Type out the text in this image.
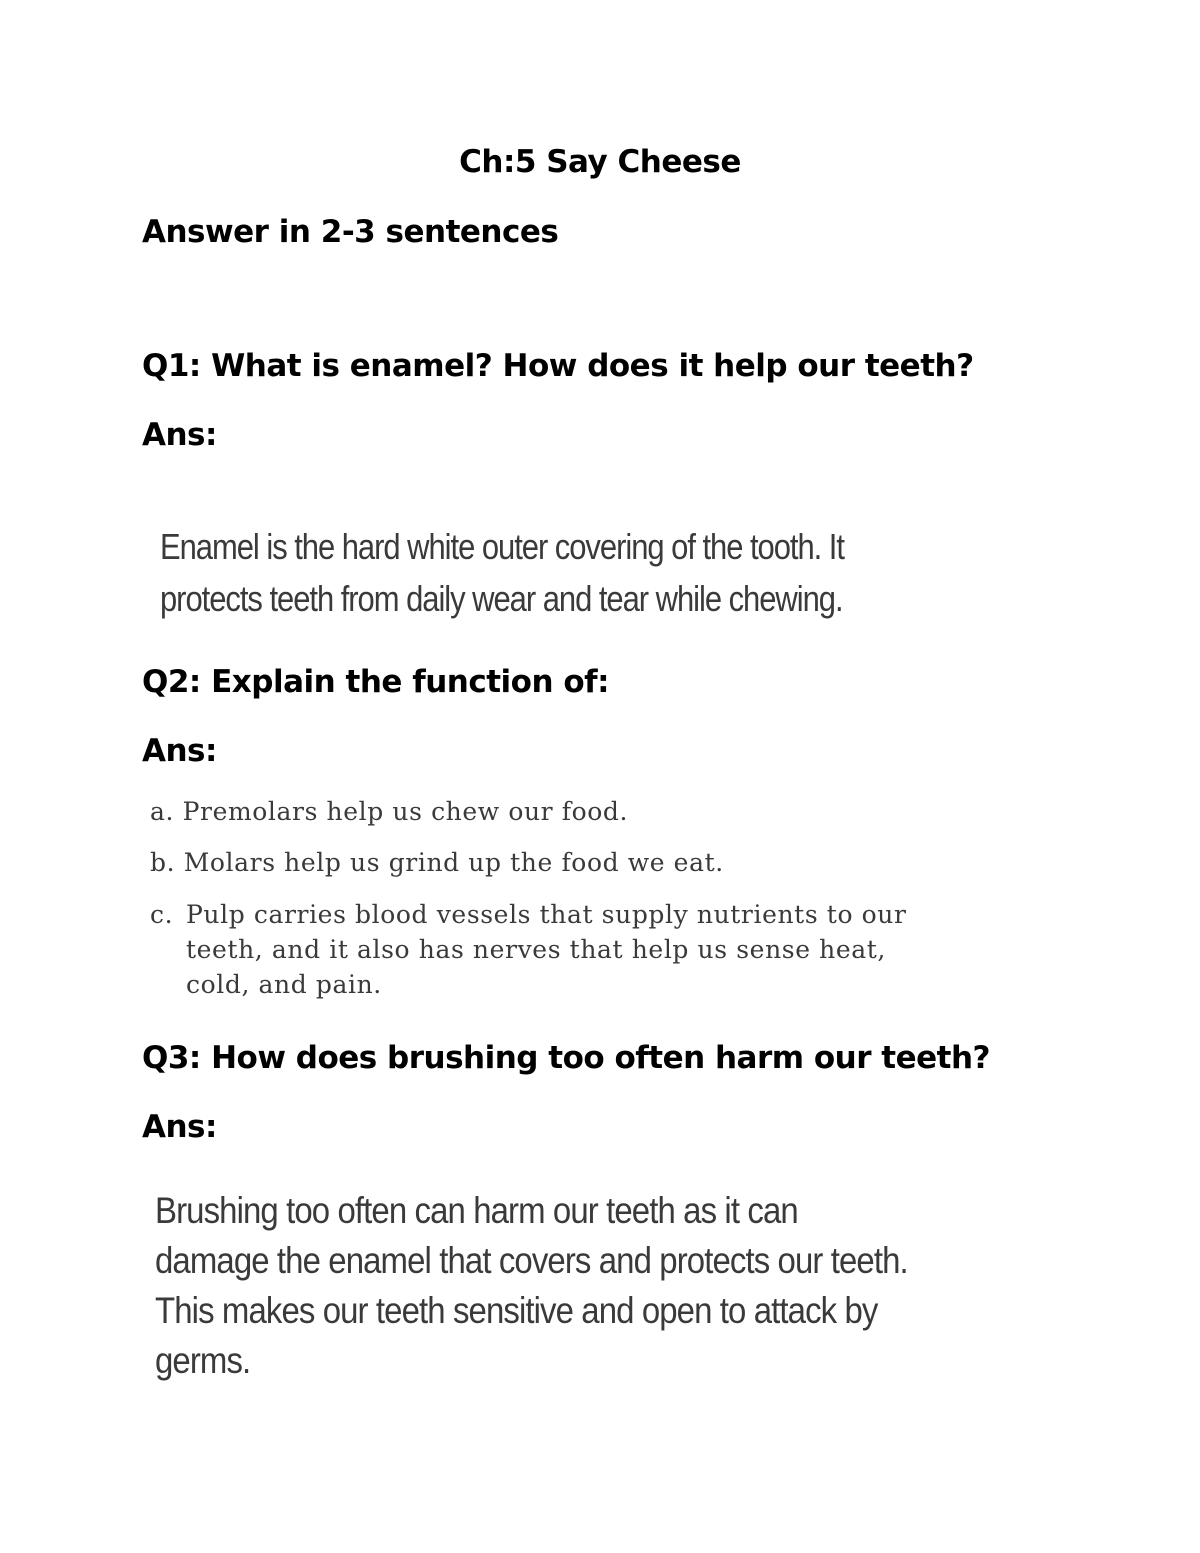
Ch:5 Say Cheese
Answer in 2-3 sentences
Q1: What is enamel? How does it help our teeth?
Ans:
Enamel is the hard white outer covering of the tooth. It
protects teeth from daily wear and tear while chewing.
Q2: Explain the function of:
Ans:
a. Premolars help us chew our food.
b. Molars help us grind up the food we eat.
c. Pulp carries blood vessels that supply nutrients to our
teeth, and it also has nerves that help us sense heat,
cold, and pain.
Q3: How does brushing too often harm our teeth?
Ans:
Brushing too often can harm our teeth as it can
damage the enamel that covers and protects our teeth.
This makes our teeth sensitive and open to attack by
germs.
